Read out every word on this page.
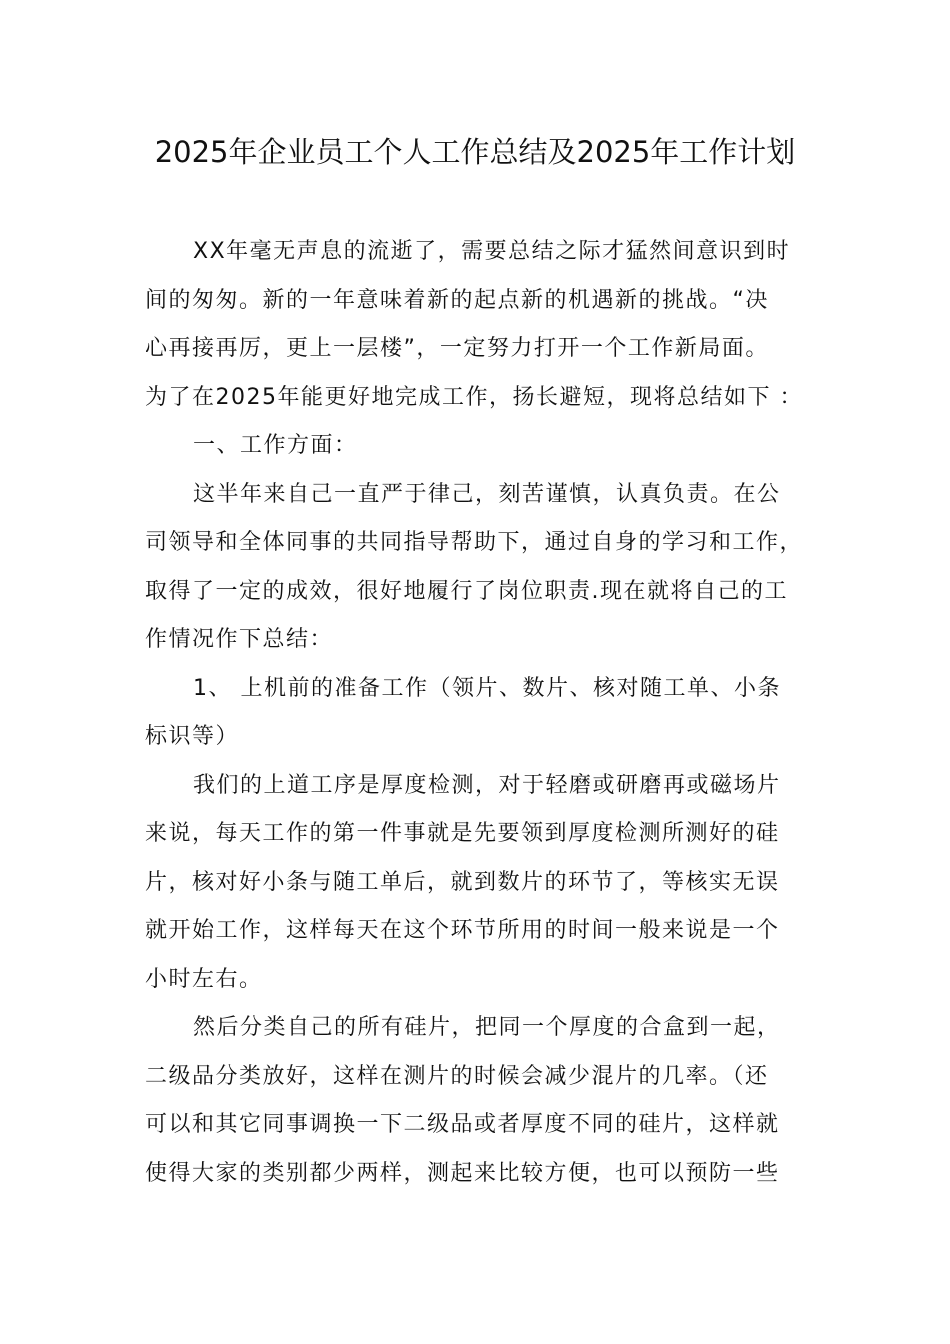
2025年企业员工个人工作总结及2025年工作计划
XX年毫无声息的流逝了，需要总结之际才猛然间意识到时
间的匆匆。新的一年意味着新的起点新的机遇新的挑战。“决
心再接再厉，更上一层楼”，一定努力打开一个工作新局面。
为了在2025年能更好地完成工作，扬长避短，现将总结如下 ：
一、工作方面：
这半年来自己一直严于律己，刻苦谨慎，认真负责。在公
司领导和全体同事的共同指导帮助下，通过自身的学习和工作，
取得了一定的成效，很好地履行了岗位职责.现在就将自己的工
作情况作下总结：
1、 上机前的准备工作（领片、数片、核对随工单、小条
标识等）
我们的上道工序是厚度检测，对于轻磨或研磨再或磁场片
来说，每天工作的第一件事就是先要领到厚度检测所测好的硅
片，核对好小条与随工单后，就到数片的环节了，等核实无误
就开始工作，这样每天在这个环节所用的时间一般来说是一个
小时左右。
然后分类自己的所有硅片，把同一个厚度的合盒到一起，
二级品分类放好，这样在测片的时候会减少混片的几率。（还
可以和其它同事调换一下二级品或者厚度不同的硅片，这样就
使得大家的类别都少两样，测起来比较方便，也可以预防一些
